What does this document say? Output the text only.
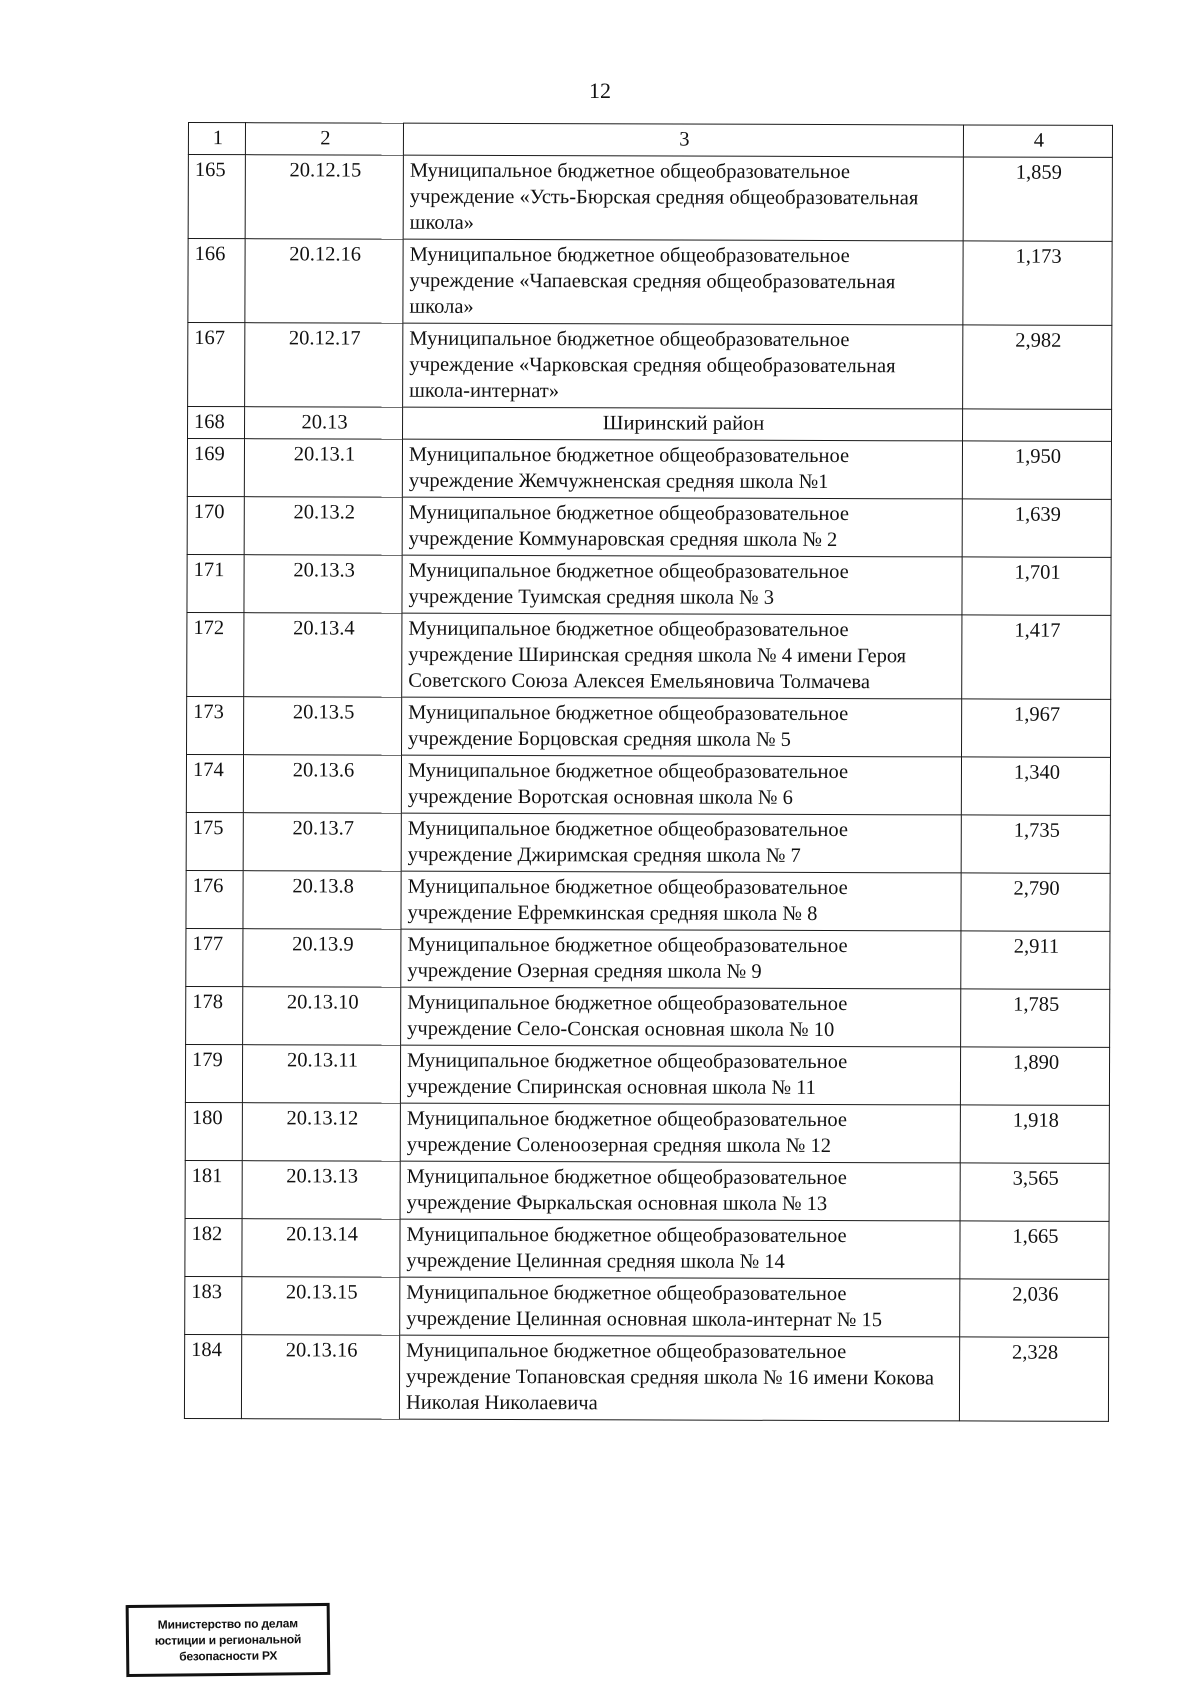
12
1	2	3	4
165	20.12.15	Муниципальное бюджетное общеобразовательное учреждение «Усть-Бюрская средняя общеобразовательная школа»	1,859
166	20.12.16	Муниципальное бюджетное общеобразовательное учреждение «Чапаевская средняя общеобразовательная школа»	1,173
167	20.12.17	Муниципальное бюджетное общеобразовательное учреждение «Чарковская средняя общеобразовательная школа-интернат»	2,982
168	20.13	Ширинский район	
169	20.13.1	Муниципальное бюджетное общеобразовательное учреждение Жемчужненская средняя школа №1	1,950
170	20.13.2	Муниципальное бюджетное общеобразовательное учреждение Коммунаровская средняя школа № 2	1,639
171	20.13.3	Муниципальное бюджетное общеобразовательное учреждение Туимская средняя школа № 3	1,701
172	20.13.4	Муниципальное бюджетное общеобразовательное учреждение Ширинская средняя школа № 4 имени Героя Советского Союза Алексея Емельяновича Толмачева	1,417
173	20.13.5	Муниципальное бюджетное общеобразовательное учреждение Борцовская средняя школа № 5	1,967
174	20.13.6	Муниципальное бюджетное общеобразовательное учреждение Воротская основная школа № 6	1,340
175	20.13.7	Муниципальное бюджетное общеобразовательное учреждение Джиримская средняя школа № 7	1,735
176	20.13.8	Муниципальное бюджетное общеобразовательное учреждение Ефремкинская средняя школа № 8	2,790
177	20.13.9	Муниципальное бюджетное общеобразовательное учреждение Озерная средняя школа № 9	2,911
178	20.13.10	Муниципальное бюджетное общеобразовательное учреждение Село-Сонская основная школа № 10	1,785
179	20.13.11	Муниципальное бюджетное общеобразовательное учреждение Спиринская основная школа № 11	1,890
180	20.13.12	Муниципальное бюджетное общеобразовательное учреждение Соленоозерная средняя школа № 12	1,918
181	20.13.13	Муниципальное бюджетное общеобразовательное учреждение Фыркальская основная школа № 13	3,565
182	20.13.14	Муниципальное бюджетное общеобразовательное учреждение Целинная средняя школа № 14	1,665
183	20.13.15	Муниципальное бюджетное общеобразовательное учреждение Целинная основная школа-интернат № 15	2,036
184	20.13.16	Муниципальное бюджетное общеобразовательное учреждение Топановская средняя школа № 16 имени Кокова Николая Николаевича	2,328
Министерство по делам
юстиции и региональной
безопасности РХ
